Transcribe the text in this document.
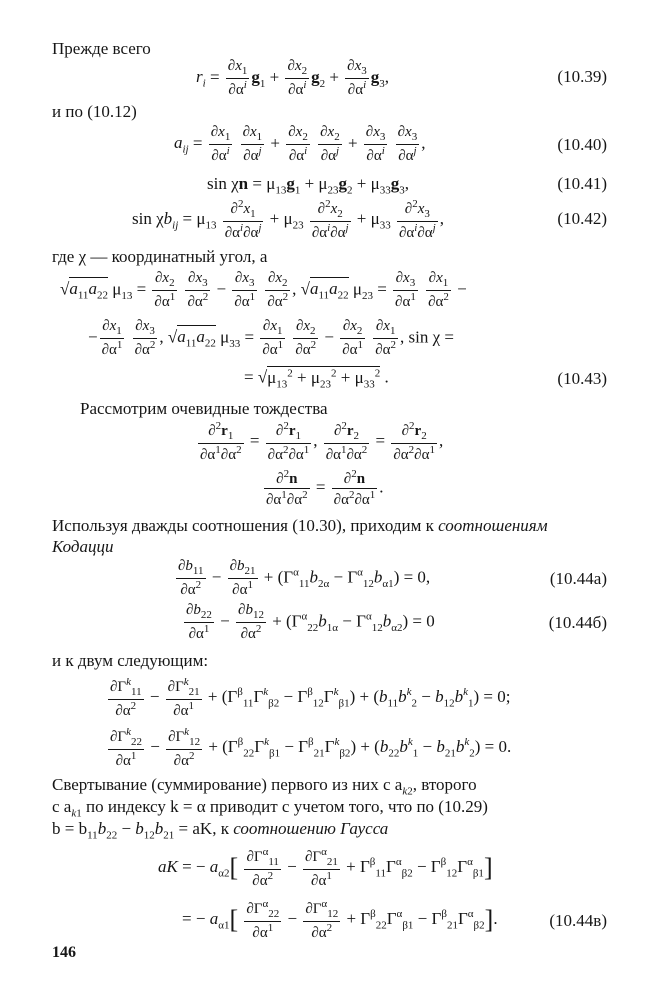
Прежде всего
$r_i = \frac{\partial x_1}{\partial\alpha^i} g_1 + \frac{\partial x_2}{\partial\alpha^i} g_2 + \frac{\partial x_3}{\partial\alpha^i} g_3$,	(10.39)
и по (10.12)
$a_{ij} = \frac{\partial x_1}{\partial\alpha^i}$
$\frac{\partial x_1}{\partial\alpha^j} + \frac{\partial x_2}{\partial\alpha^i}$
$\frac{\partial x_2}{\partial\alpha^j} + \frac{\partial x_3}{\partial\alpha^i}$
$\frac{\partial x_3}{\partial\alpha^j}$ ,	(10.40)
$\sin \chi n = \mu_{13}g_1 + \mu_{23}g_2 + \mu_{33}g_3$,	(10.41)
$\sin \chi b_{ij} = \mu_{13} \frac{\partial^2x_1}{\partial\alpha^i\partial\alpha^j} + \mu_{23} \frac{\partial^2x_2}{\partial\alpha^i\partial\alpha^j} + \mu_{33} \frac{\partial^2x_3}{\partial\alpha^i\partial\alpha^j}$ ,	(10.42)
где χ — координатный угол, а
$√a_{11}a_{22}$ $\mu_{13} = \frac{\partial x_2}{\partial\alpha^1}$
$\frac{\partial x_3}{\partial\alpha^2} - \frac{\partial x_3}{\partial\alpha^1}$
$\frac{\partial x_2}{\partial\alpha^2}$ , $√a_{11}a_{22}$ $\mu_{23} = \frac{\partial x_3}{\partial\alpha^1}$
$\frac{\partial x_1}{\partial\alpha^2}$ −
− $\frac{\partial x_1}{\partial\alpha^1}$
$\frac{\partial x_3}{\partial\alpha^2}$ , $√a_{11}a_{22}$ $\mu_{33} = \frac{\partial x_1}{\partial\alpha^1}$
$\frac{\partial x_2}{\partial\alpha^2} - \frac{\partial x_2}{\partial\alpha^1}$
$\frac{\partial x_1}{\partial\alpha^2}$ , sin χ =
= $√\mu_{13}^2 + \mu_{23}^2 + \mu_{33}^2$ .	(10.43)
Рассмотрим очевидные тождества
$\frac{\partial^2r_1}{\partial\alpha^1\partial\alpha^2} = \frac{\partial^2r_1}{\partial\alpha^2\partial\alpha^1}$ , $\frac{\partial^2r_2}{\partial\alpha^1\partial\alpha^2} = \frac{\partial^2r_2}{\partial\alpha^2\partial\alpha^1}$ ,
$\frac{\partial^2n}{\partial\alpha^1\partial\alpha^2} = \frac{\partial^2n}{\partial\alpha^2\partial\alpha^1}$ .
Используя дважды соотношения (10.30), приходим к соотношениям
Кодацци
$\frac{\partial b_{11}}{\partial\alpha^2} - \frac{\partial b_{21}}{\partial\alpha^1} + (\Gamma^\alpha_{11}b_{2\alpha} - \Gamma^\alpha_{12}b_{\alpha 1}) = 0$,	(10.44а)
$\frac{\partial b_{22}}{\partial\alpha^1} - \frac{\partial b_{12}}{\partial\alpha^2} + (\Gamma^\alpha_{22}b_{1\alpha} - \Gamma^\alpha_{12}b_{\alpha 2}) = 0$	(10.44б)
и к двум следующим:
$\frac{\partial\Gamma^k_{11}}{\partial\alpha^2} - \frac{\partial\Gamma^k_{21}}{\partial\alpha^1} + (\Gamma^\beta_{11}\Gamma^k_{\beta 2} - \Gamma^\beta_{12}\Gamma^k_{\beta 1}) + (b_{11}b^k_2 - b_{12}b^k_1) = 0$;
$\frac{\partial\Gamma^k_{22}}{\partial\alpha^1} - \frac{\partial\Gamma^k_{12}}{\partial\alpha^2} + (\Gamma^\beta_{22}\Gamma^k_{\beta 1} - \Gamma^\beta_{21}\Gamma^k_{\beta 2}) + (b_{22}b^k_1 - b_{21}b^k_2) = 0$.
Свертывание (суммирование) первого из них с $a_{k2}$, второго
с $a_{k1}$ по индексу k = α приводит с учетом того, что по (10.29)
$b = b_{11}b_{22} - b_{12}b_{21}$ = aK, к соотношению Гаусса
aK = − $a_{\alpha 2}[ \frac{\partial\Gamma^\alpha_{11}}{\partial\alpha^2} - \frac{\partial\Gamma^\alpha_{21}}{\partial\alpha^1} + \Gamma^\beta_{11}\Gamma^\alpha_{\beta 2} - \Gamma^\beta_{12}\Gamma^\alpha_{\beta 1}]$
= − $a_{\alpha 1}[ \frac{\partial\Gamma^\alpha_{22}}{\partial\alpha^1} - \frac{\partial\Gamma^\alpha_{12}}{\partial\alpha^2} + \Gamma^\beta_{22}\Gamma^\alpha_{\beta 1} - \Gamma^\beta_{21}\Gamma^\alpha_{\beta 2}]$.	(10.44в)
146
